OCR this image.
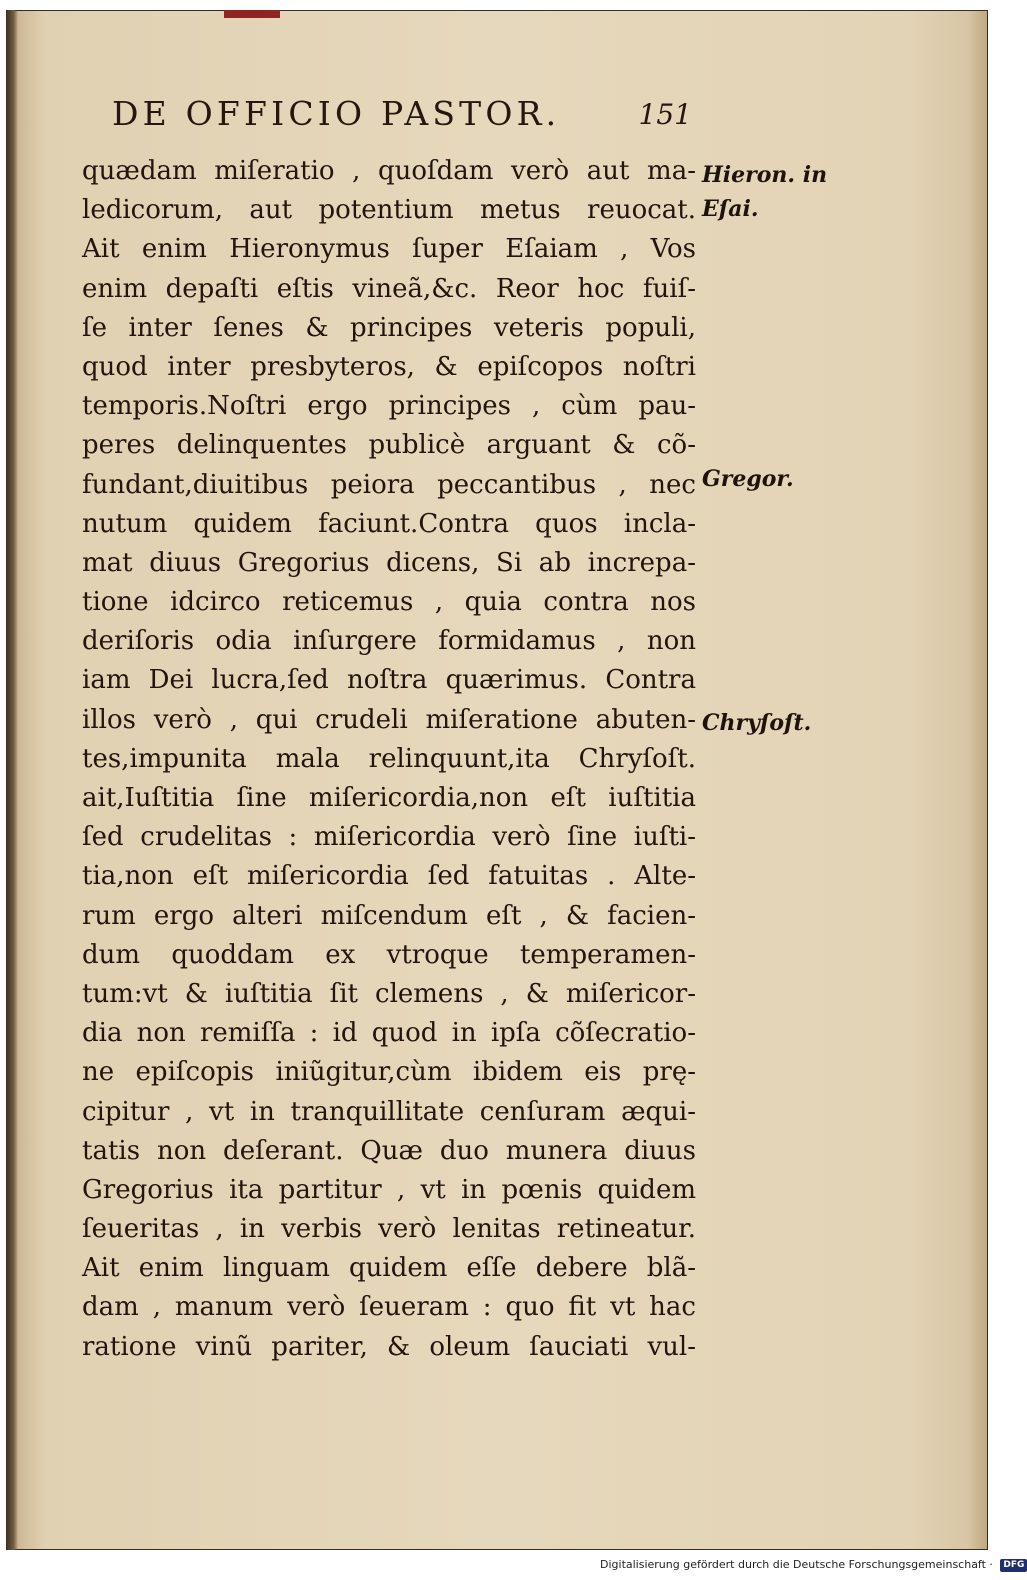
DE OFFICIO PASTOR.	151
quædam miſeratio , quoſdam verò aut ma-
ledicorum, aut potentium metus reuocat.
Ait enim Hieronymus ſuper Eſaiam , Vos
enim depaſti eſtis vineã,&c. Reor hoc fuiſ-
ſe inter ſenes & principes veteris populi,
quod inter presbyteros, & epiſcopos noſtri
temporis.Noſtri ergo principes , cùm pau-
peres delinquentes publicè arguant & cõ-
fundant,diuitibus peiora peccantibus , nec
nutum quidem faciunt.Contra quos incla-
mat diuus Gregorius dicens, Si ab increpa-
tione idcirco reticemus , quia contra nos
deriſoris odia inſurgere formidamus , non
iam Dei lucra,ſed noſtra quærimus. Contra
illos verò , qui crudeli miſeratione abuten-
tes,impunita mala relinquunt,ita Chryſoſt.
ait,Iuſtitia ſine miſericordia,non eſt iuſtitia
ſed crudelitas : miſericordia verò ſine iuſti-
tia,non eſt miſericordia ſed fatuitas . Alte-
rum ergo alteri miſcendum eſt , & facien-
dum quoddam ex vtroque temperamen-
tum:vt & iuſtitia ſit clemens , & miſericor-
dia non remiſſa : id quod in ipſa cõſecratio-
ne epiſcopis iniũgitur,cùm ibidem eis prę-
cipitur , vt in tranquillitate cenſuram æqui-
tatis non deſerant. Quæ duo munera diuus
Gregorius ita partitur , vt in pœnis quidem
ſeueritas , in verbis verò lenitas retineatur.
Ait enim linguam quidem eſſe debere blã-
dam , manum verò ſeueram : quo fit vt hac
ratione vinũ pariter, & oleum ſauciati vul-
Hieron. in
Eſai.
Gregor.
Chryſoſt.
Digitalisierung gefördert durch die Deutsche Forschungsgemeinschaft · DFG
